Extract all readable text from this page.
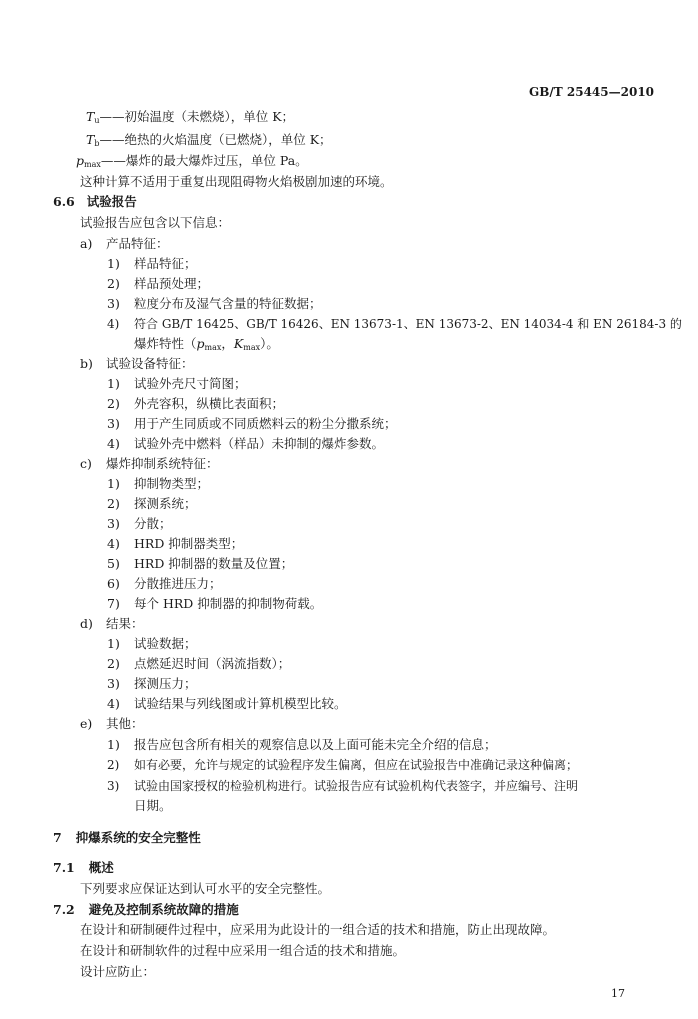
GB/T 25445—2010
$T_u——$初始温度（未燃烧），单位 K；
$T_b——$绝热的火焰温度（已燃烧），单位 K；
$p_{max}——$爆炸的最大爆炸过压，单位 Pa。
这种计算不适用于重复出现阻碍物火焰极剧加速的环境。
6.6 试验报告
试验报告应包含以下信息：
a) 产品特征：
1) 样品特征；
2) 样品预处理；
3) 粒度分布及湿气含量的特征数据；
4) 符合 GB/T 16425、GB/T 16426、EN 13673-1、EN 13673-2、EN 14034-4 和 EN 26184-3 的
爆炸特性（$p_{max}$，$K_{max}$）。
b) 试验设备特征：
1) 试验外壳尺寸简图；
2) 外壳容积，纵横比表面积；
3) 用于产生同质或不同质燃料云的粉尘分撒系统；
4) 试验外壳中燃料（样品）未抑制的爆炸参数。
c) 爆炸抑制系统特征：
1) 抑制物类型；
2) 探测系统；
3) 分散；
4) HRD 抑制器类型；
5) HRD 抑制器的数量及位置；
6) 分散推进压力；
7) 每个 HRD 抑制器的抑制物荷载。
d) 结果：
1) 试验数据；
2) 点燃延迟时间（涡流指数）；
3) 探测压力；
4) 试验结果与列线图或计算机模型比较。
e) 其他：
1) 报告应包含所有相关的观察信息以及上面可能未完全介绍的信息；
2) 如有必要，允许与规定的试验程序发生偏离，但应在试验报告中准确记录这种偏离；
3) 试验由国家授权的检验机构进行。试验报告应有试验机构代表签字，并应编号、注明
日期。
7 抑爆系统的安全完整性
7.1 概述
下列要求应保证达到认可水平的安全完整性。
7.2 避免及控制系统故障的措施
在设计和研制硬件过程中，应采用为此设计的一组合适的技术和措施，防止出现故障。
在设计和研制软件的过程中应采用一组合适的技术和措施。
设计应防止：
17
